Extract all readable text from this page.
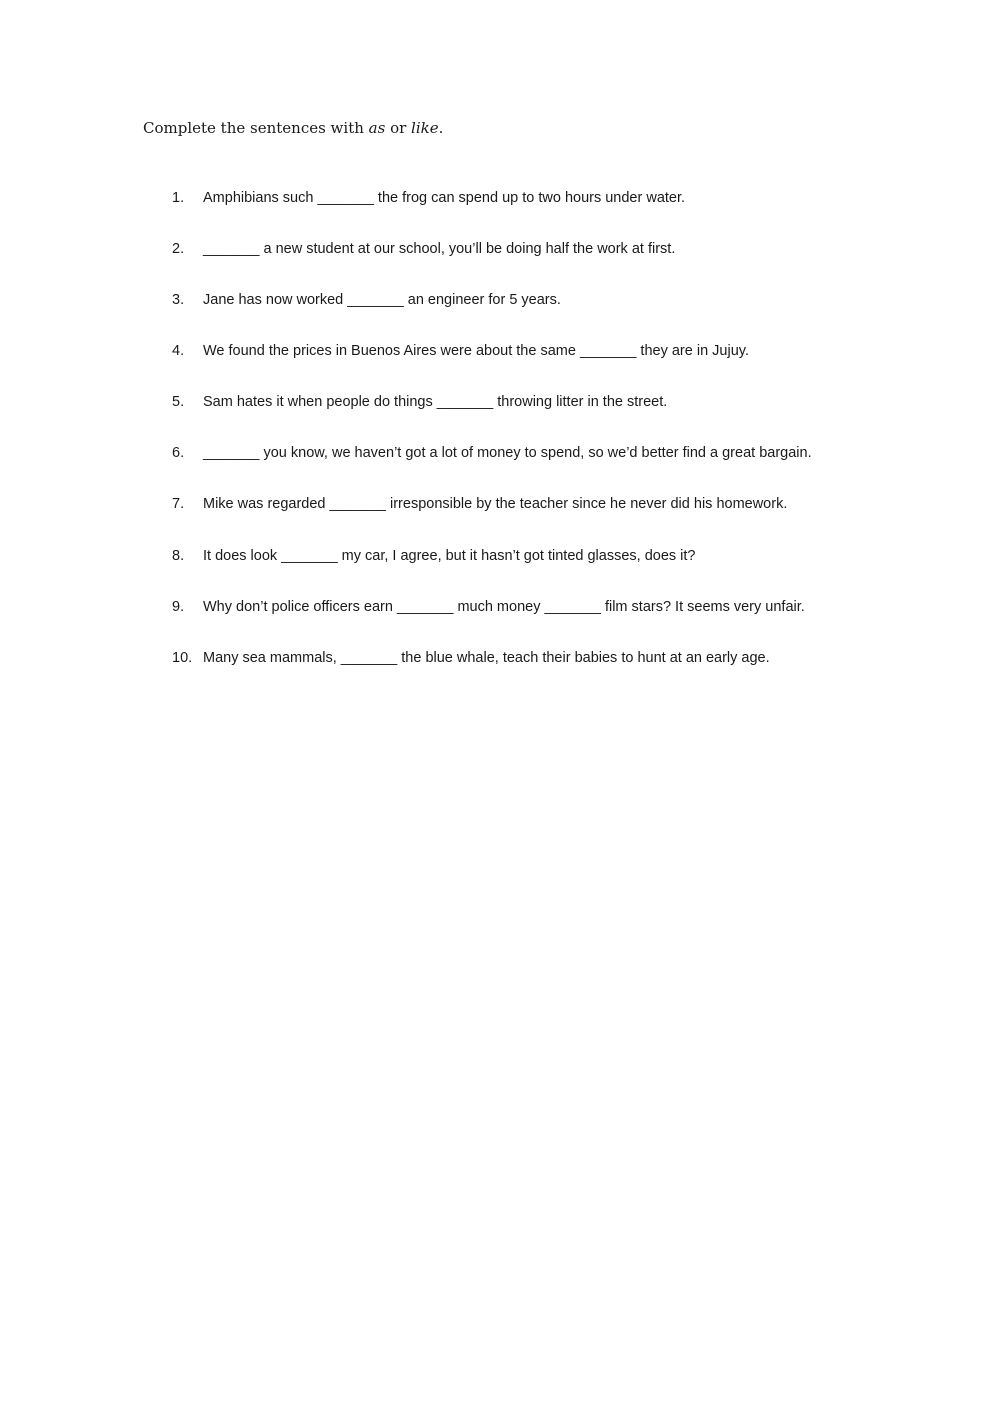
Complete the sentences with as or like.
1. Amphibians such _______ the frog can spend up to two hours under water.
2. _______ a new student at our school, you’ll be doing half the work at first.
3. Jane has now worked _______ an engineer for 5 years.
4. We found the prices in Buenos Aires were about the same _______ they are in Jujuy.
5. Sam hates it when people do things _______ throwing litter in the street.
6. _______ you know, we haven’t got a lot of money to spend, so we’d better find a great bargain.
7. Mike was regarded _______ irresponsible by the teacher since he never did his homework.
8. It does look _______ my car, I agree, but it hasn’t got tinted glasses, does it?
9. Why don’t police officers earn _______ much money _______ film stars? It seems very unfair.
10. Many sea mammals, _______ the blue whale, teach their babies to hunt at an early age.
